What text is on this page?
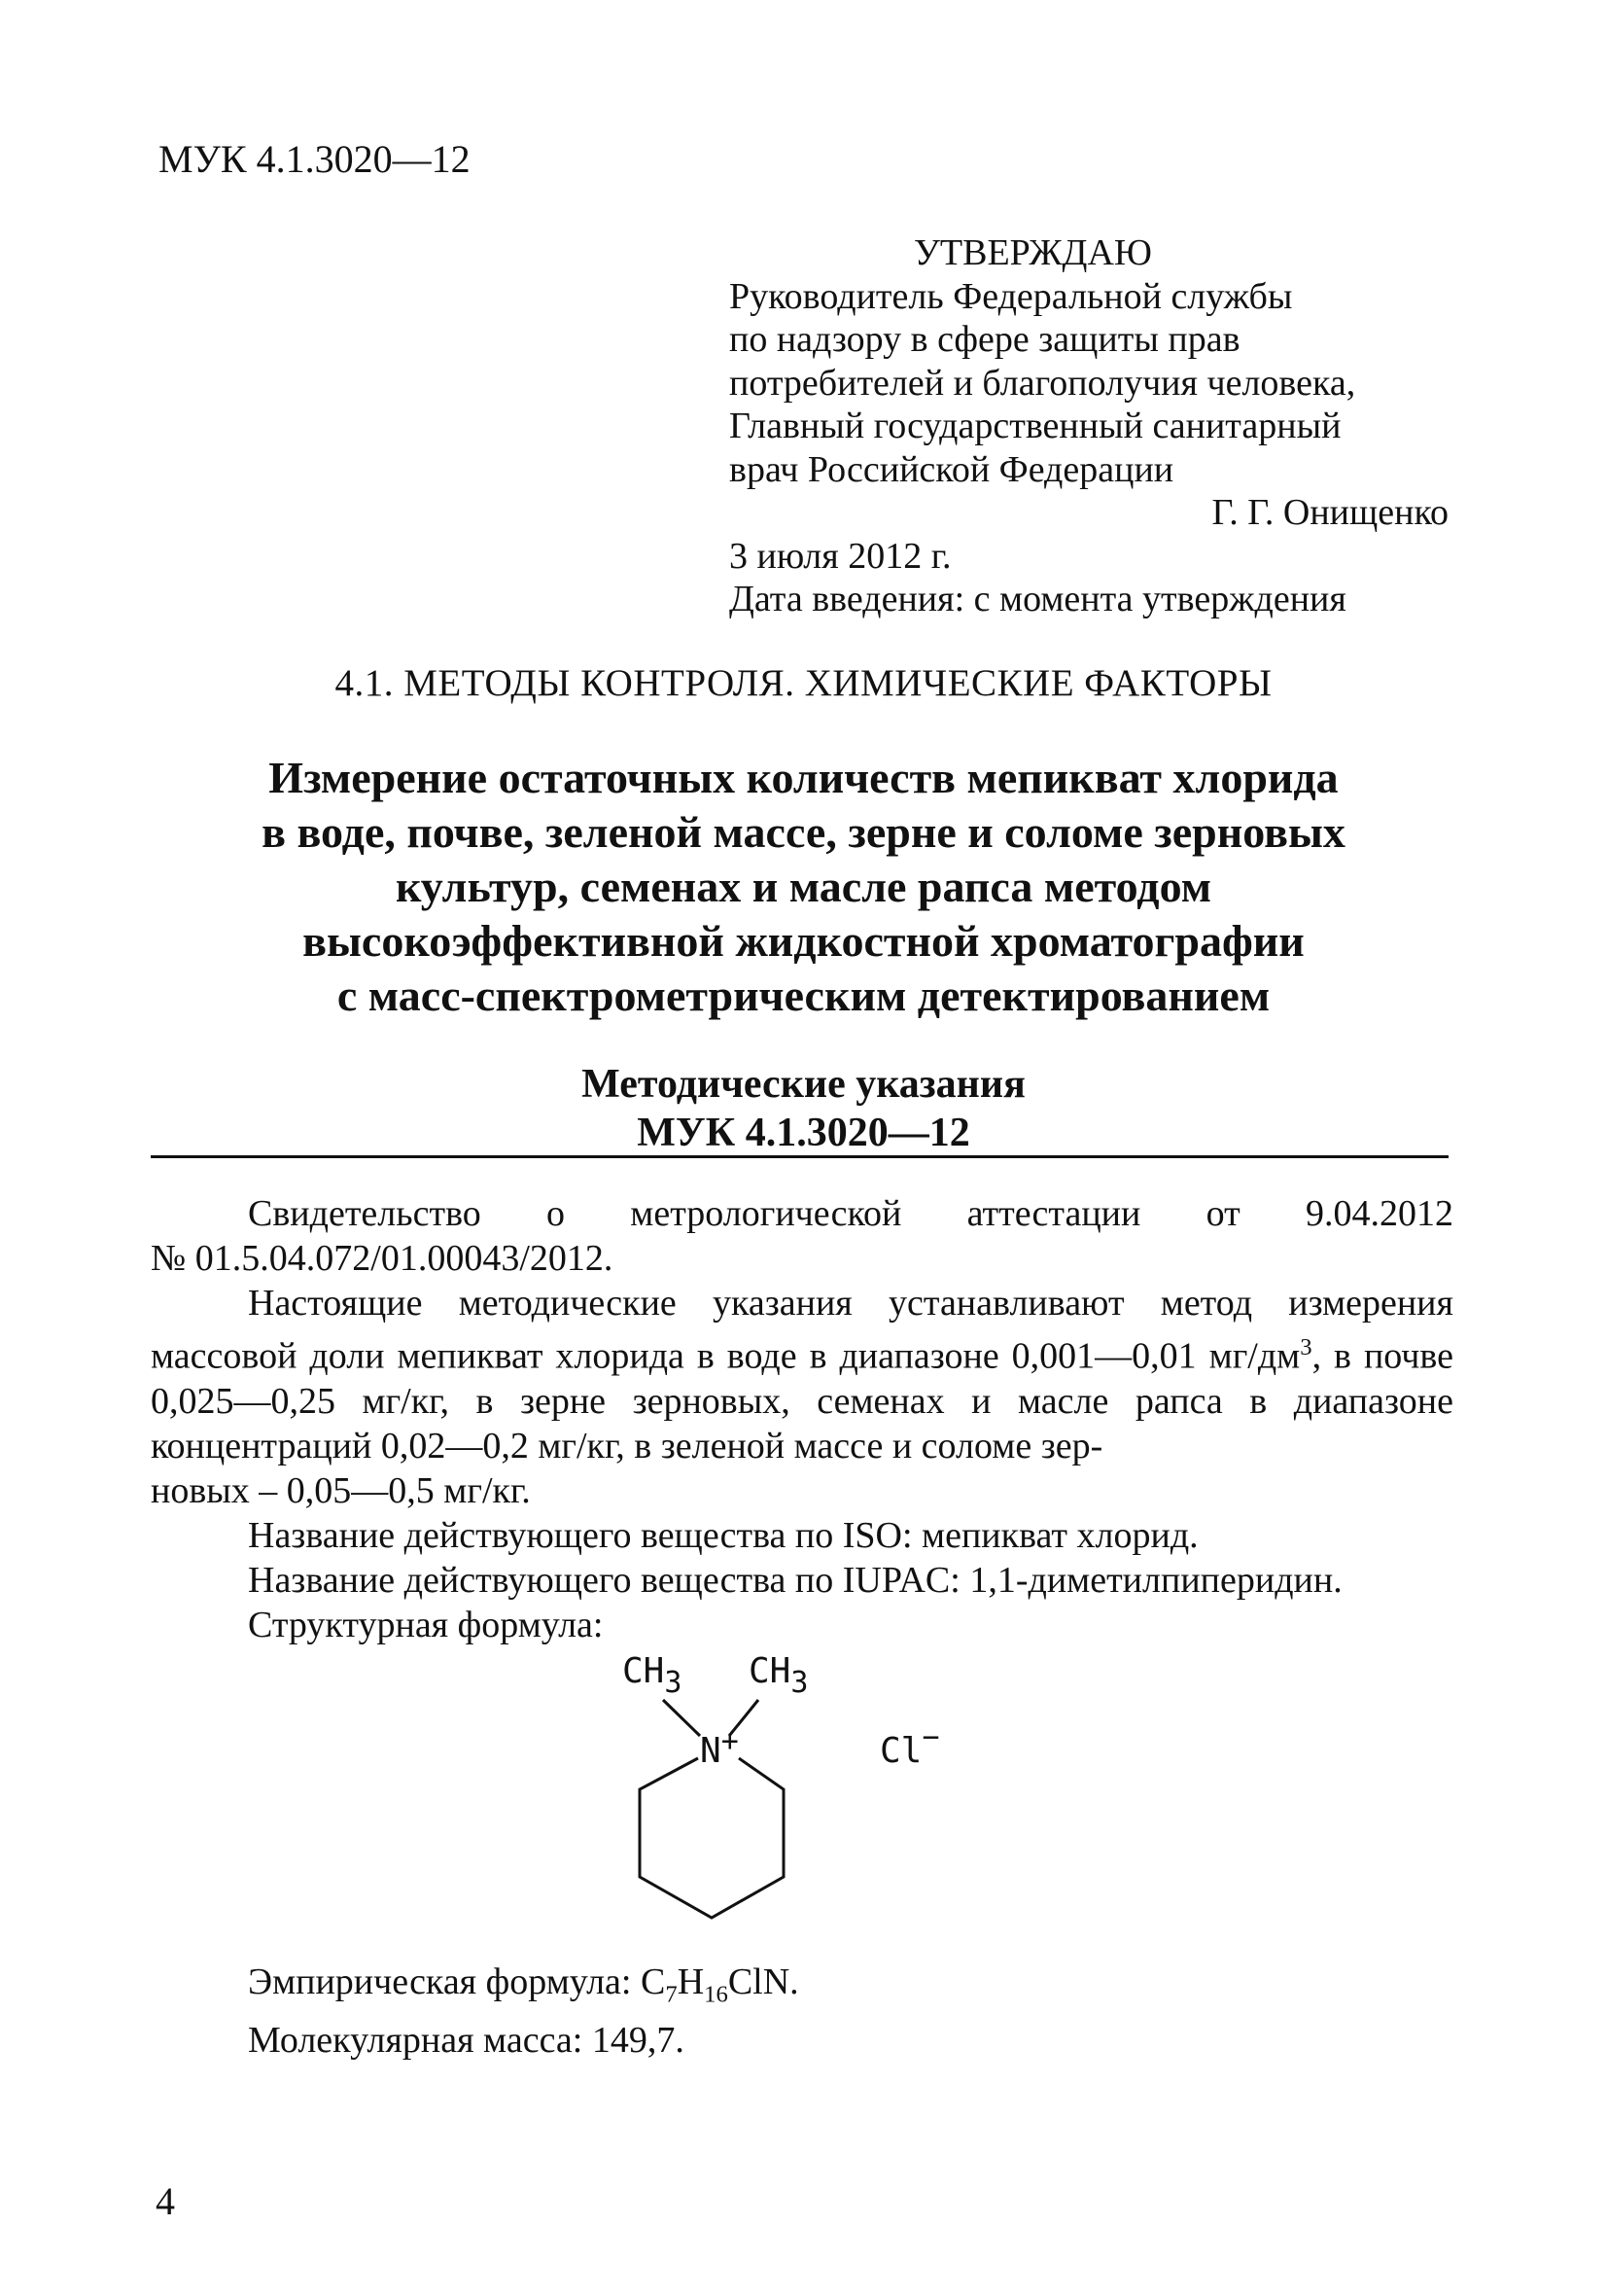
МУК 4.1.3020—12
УТВЕРЖДАЮ
Руководитель Федеральной службы
по надзору в сфере защиты прав
потребителей и благополучия человека,
Главный государственный санитарный
врач Российской Федерации
Г. Г. Онищенко
3 июля 2012 г.
Дата введения: с момента утверждения
4.1. МЕТОДЫ КОНТРОЛЯ. ХИМИЧЕСКИЕ ФАКТОРЫ
Измерение остаточных количеств мепикват хлорида
в воде, почве, зеленой массе, зерне и соломе зерновых
культур, семенах и масле рапса методом
высокоэффективной жидкостной хроматографии
с масс-спектрометрическим детектированием
Методические указания
МУК 4.1.3020—12

Свидетельство о метрологической аттестации от 9.04.2012

№ 01.5.04.072/01.00043/2012.

Настоящие методические указания устанавливают метод измерения массовой доли мепикват хлорида в воде в диапазоне 0,001—0,01 $мг/дм^3$, в почве 0,025—0,25 мг/кг, в зерне зерновых, семенах и масле рапса в диапазоне концентраций 0,02—0,2 мг/кг, в зеленой массе и соломе зер-

новых – 0,05—0,5 мг/кг.

Название действующего вещества по ISO: мепикват хлорид.

Название действующего вещества по IUPAC: 1,1-диметилпиперидин.

Структурная формула:

$CH_3$ $CH_3$
N+	Cl−
Эмпирическая формула: $C_7H_{16}ClN$.
Молекулярная масса: 149,7.
4
